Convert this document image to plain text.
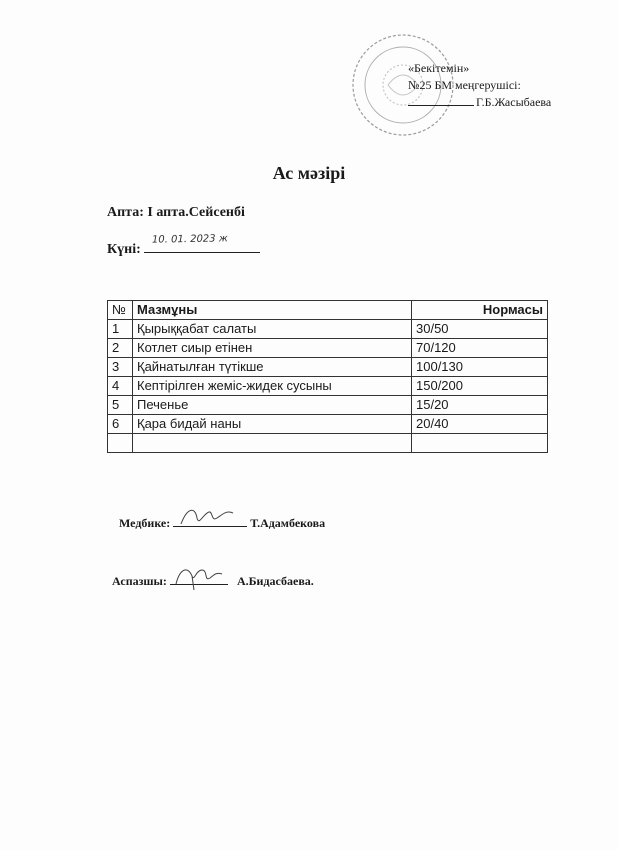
«Бекітемін»
№25 БМ меңгерушісі:
Г.Б.Жасыбаева
Ас мәзірі
Апта: I апта.Сейсенбі
Күні:
10. 01. 2023 ж
№	Мазмұны	Нормасы
1	Қырыққабат салаты	30/50
2	Котлет сиыр етінен	70/120
3	Қайнатылған түтікше	100/130
4	Кептірілген жеміс-жидек сусыны	150/200
5	Печенье	15/20
6	Қара бидай наны	20/40

Медбике:	Т.Адамбекова
Аспазшы:	А.Бидасбаева.
